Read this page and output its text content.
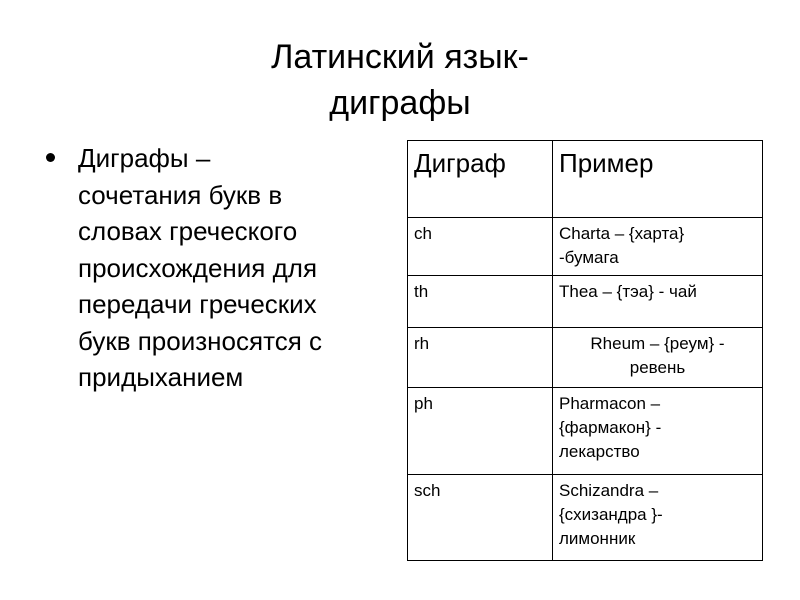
Латинский язык-
диграфы
Диграфы –
сочетания букв в
словах греческого
происхождения для
передачи греческих
букв произносятся с
придыханием
Диграф	Пример
ch	Charta – {харта}
-бумага

th	Thea – {тэа} - чай

rh	Rheum – {реум} -
ревень

ph	Pharmacon –
{фармакон} -
лекарство

sch	Schizandra –
{схизандра }-
лимонник
